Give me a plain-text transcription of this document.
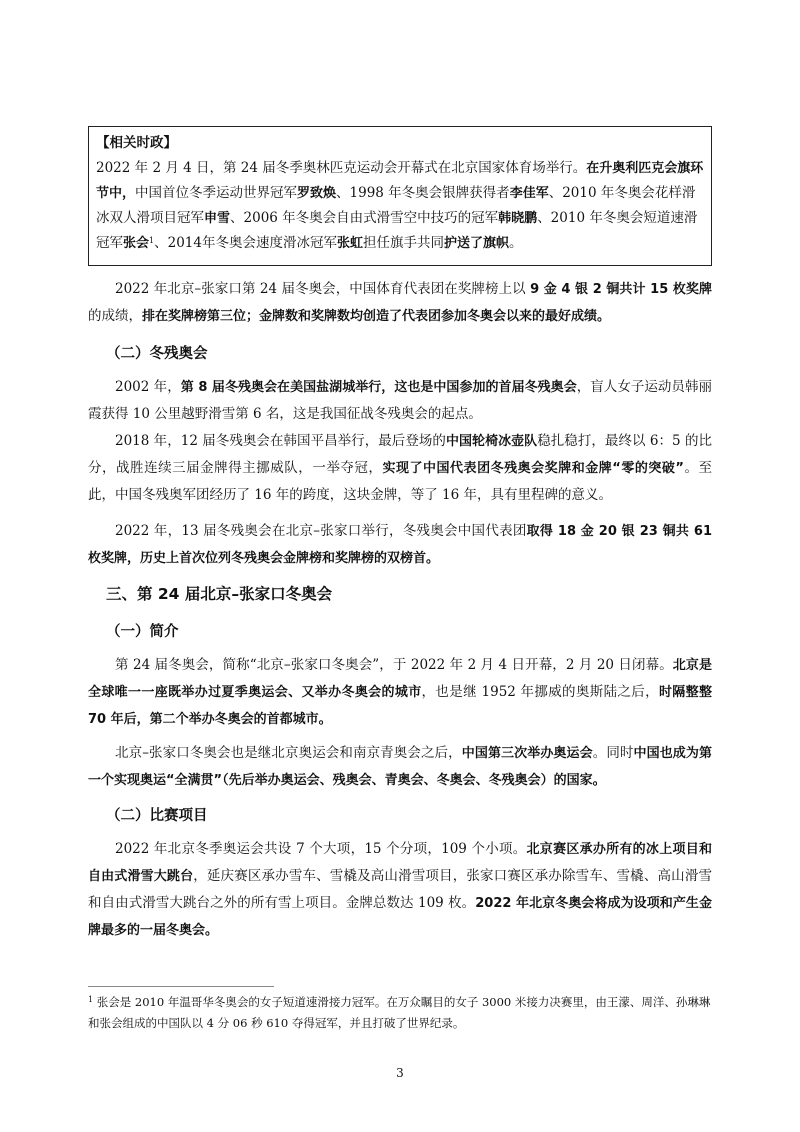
【相关时政】
2022 年 2 月 4 日，第 24 届冬季奥林匹克运动会开幕式在北京国家体育场举行。在升奥利匹克会旗环节中，中国首位冬季运动世界冠军罗致焕、1998 年冬奥会银牌获得者李佳军、2010 年冬奥会花样滑冰双人滑项目冠军申雪、2006 年冬奥会自由式滑雪空中技巧的冠军韩晓鹏、2010 年冬奥会短道速滑冠军张会$^1$、2014年冬奥会速度滑冰冠军张虹担任旗手共同护送了旗帜。
2022 年北京–张家口第 24 届冬奥会，中国体育代表团在奖牌榜上以 9 金 4 银 2 铜共计 15 枚奖牌的成绩，排在奖牌榜第三位；金牌数和奖牌数均创造了代表团参加冬奥会以来的最好成绩。
（二）冬残奥会
2002 年，第 8 届冬残奥会在美国盐湖城举行，这也是中国参加的首届冬残奥会，盲人女子运动员韩丽霞获得 10 公里越野滑雪第 6 名，这是我国征战冬残奥会的起点。
2018 年，12 届冬残奥会在韩国平昌举行，最后登场的中国轮椅冰壶队稳扎稳打，最终以 6：5 的比分，战胜连续三届金牌得主挪威队，一举夺冠，实现了中国代表团冬残奥会奖牌和金牌“零的突破”。至此，中国冬残奥军团经历了 16 年的跨度，这块金牌，等了 16 年，具有里程碑的意义。
2022 年，13 届冬残奥会在北京–张家口举行，冬残奥会中国代表团取得 18 金 20 银 23 铜共 61 枚奖牌，历史上首次位列冬残奥会金牌榜和奖牌榜的双榜首。
三、第 24 届北京–张家口冬奥会
（一）简介
第 24 届冬奥会，简称“北京–张家口冬奥会”，于 2022 年 2 月 4 日开幕，2 月 20 日闭幕。北京是全球唯一一座既举办过夏季奥运会、又举办冬奥会的城市，也是继 1952 年挪威的奥斯陆之后，时隔整整 70 年后，第二个举办冬奥会的首都城市。
北京–张家口冬奥会也是继北京奥运会和南京青奥会之后，中国第三次举办奥运会。同时中国也成为第一个实现奥运“全满贯”（先后举办奥运会、残奥会、青奥会、冬奥会、冬残奥会）的国家。
（二）比赛项目
2022 年北京冬季奥运会共设 7 个大项，15 个分项，109 个小项。北京赛区承办所有的冰上项目和自由式滑雪大跳台，延庆赛区承办雪车、雪橇及高山滑雪项目，张家口赛区承办除雪车、雪橇、高山滑雪和自由式滑雪大跳台之外的所有雪上项目。金牌总数达 109 枚。2022 年北京冬奥会将成为设项和产生金牌最多的一届冬奥会。
$^1$ 张会是 2010 年温哥华冬奥会的女子短道速滑接力冠军。在万众瞩目的女子 3000 米接力决赛里，由王濛、周洋、孙琳琳和张会组成的中国队以 4 分 06 秒 610 夺得冠军，并且打破了世界纪录。
3
